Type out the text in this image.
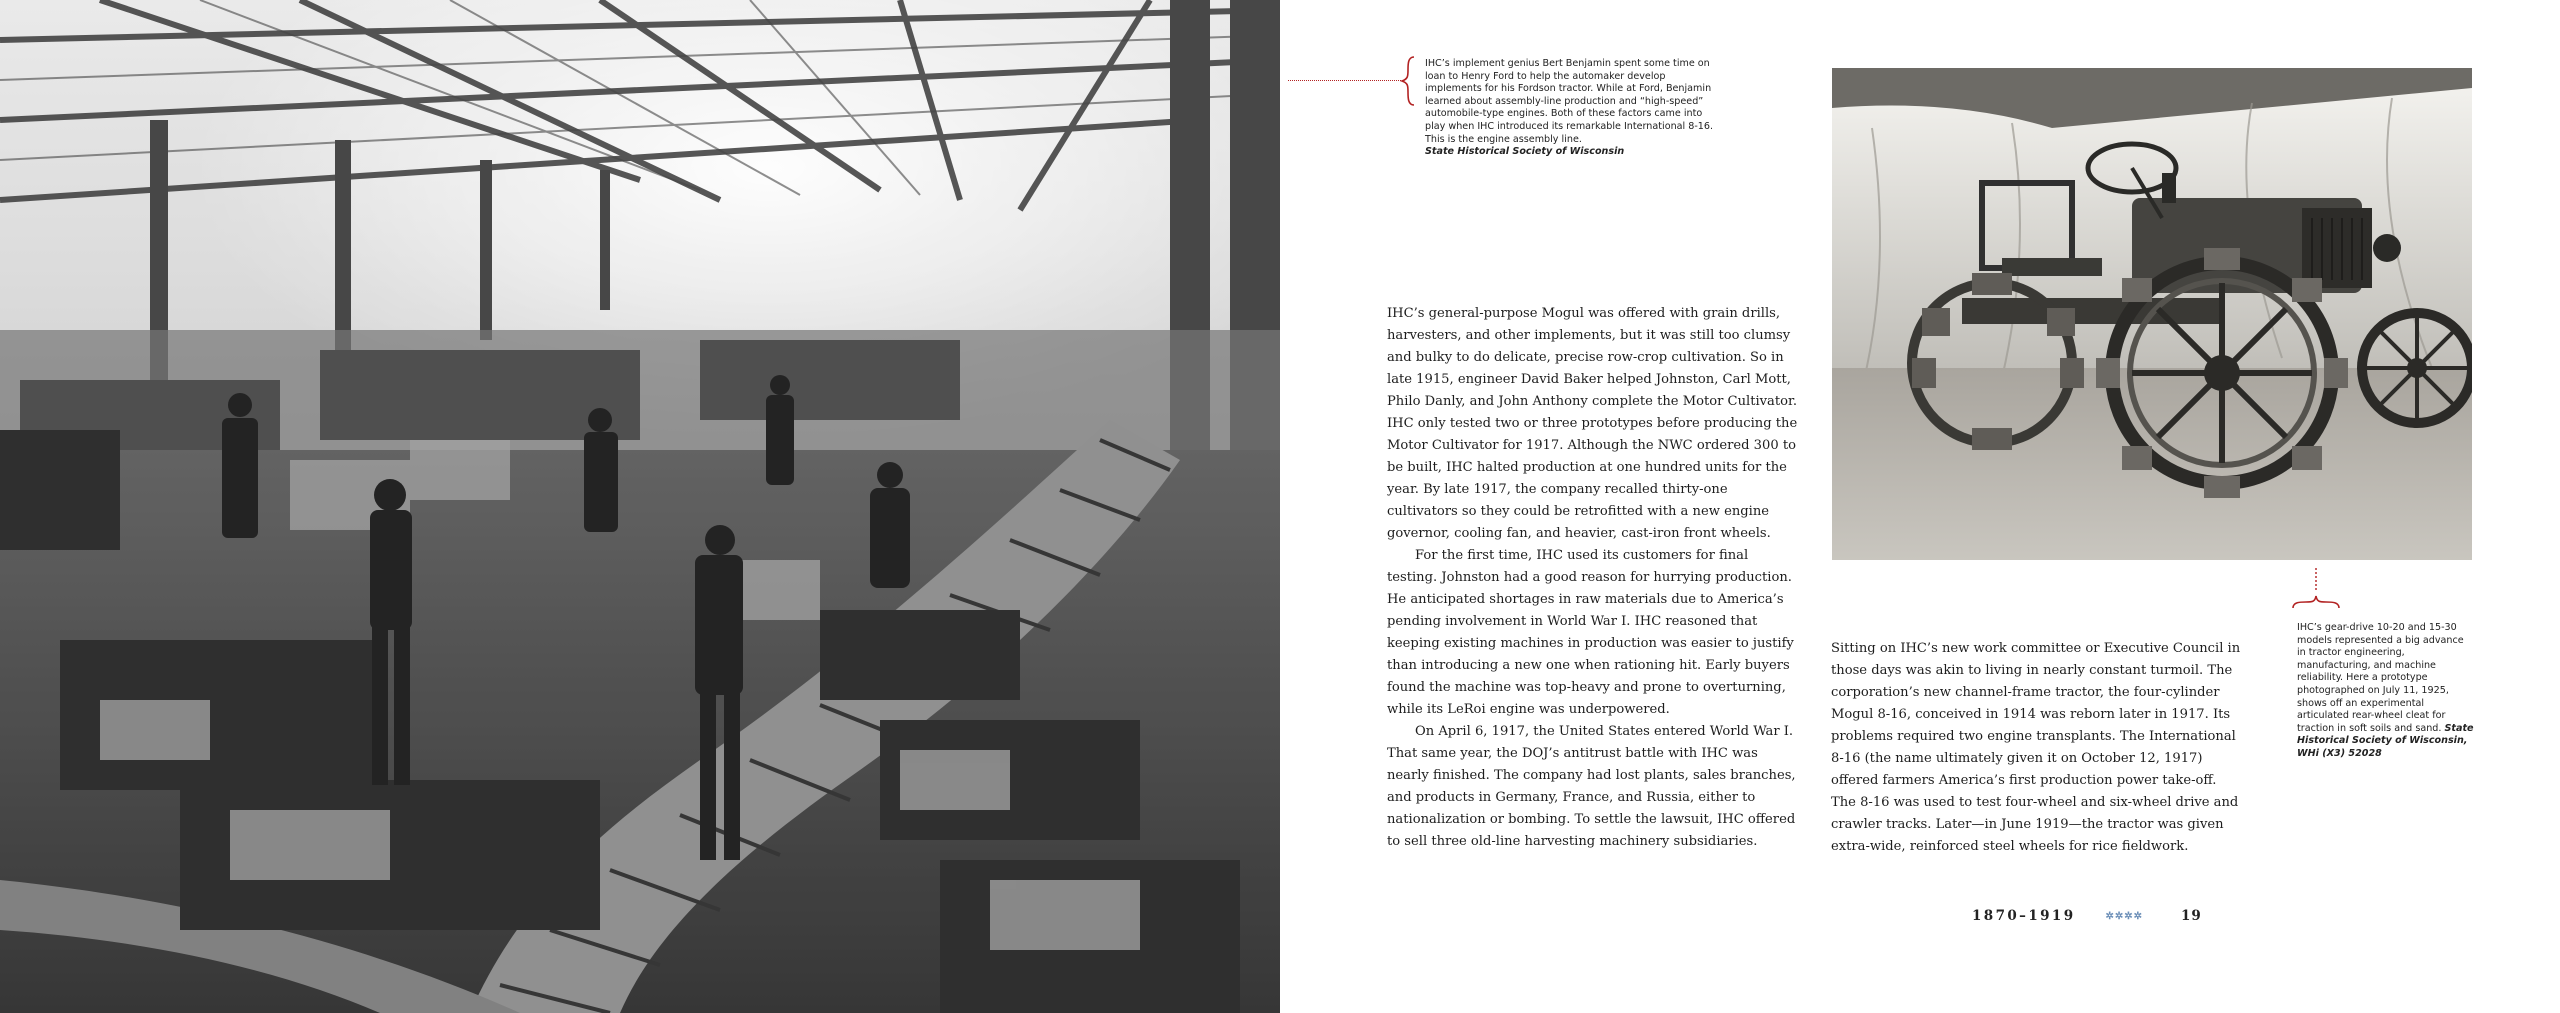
IHC’s implement genius Bert Benjamin spent some time on loan to Henry Ford to help the automaker develop implements for his Fordson tractor. While at Ford, Benjamin learned about assembly-line production and “high-speed” automobile-type engines. Both of these factors came into play when IHC introduced its remarkable International 8-16. This is the engine assembly line.
State Historical Society of Wisconsin

IHC’s general-purpose Mogul was offered with grain drills, harvesters, and other implements, but it was still too clumsy and bulky to do delicate, precise row-crop cultivation. So in late 1915, engineer David Baker helped Johnston, Carl Mott, Philo Danly, and John Anthony complete the Motor Cultivator. IHC only tested two or three prototypes before producing the Motor Cultivator for 1917. Although the NWC ordered 300 to be built, IHC halted production at one hundred units for the year. By late 1917, the company recalled thirty-one cultivators so they could be retrofitted with a new engine governor, cooling fan, and heavier, cast-iron front wheels.

For the first time, IHC used its customers for final testing. Johnston had a good reason for hurrying production. He anticipated shortages in raw materials due to America’s pending involvement in World War I. IHC reasoned that keeping existing machines in production was easier to justify than introducing a new one when rationing hit. Early buyers found the machine was top-heavy and prone to overturning, while its LeRoi engine was underpowered.

On April 6, 1917, the United States entered World War I. That same year, the DOJ’s antitrust battle with IHC was nearly finished. The company had lost plants, sales branches, and products in Germany, France, and Russia, either to nationalization or bombing. To settle the lawsuit, IHC offered to sell three old-line harvesting machinery subsidiaries.

IHC’s gear-drive 10-20 and 15-30 models represented a big advance in tractor engineering, manufacturing, and machine reliability. Here a prototype photographed on July 11, 1925, shows off an experimental articulated rear-wheel cleat for traction in soft soils and sand. State Historical Society of Wisconsin, WHi (X3) 52028

Sitting on IHC’s new work committee or Executive Council in those days was akin to living in nearly constant turmoil. The corporation’s new channel-frame tractor, the four-cylinder Mogul 8-16, conceived in 1914 was reborn later in 1917. Its problems required two engine transplants. The International 8-16 (the name ultimately given it on October 12, 1917) offered farmers America’s first production power take-off. The 8-16 was used to test four-wheel and six-wheel drive and crawler tracks. Later—in June 1919—the tractor was given extra-wide, reinforced steel wheels for rice fieldwork.

1870–1919	✲✲✲✲	19
